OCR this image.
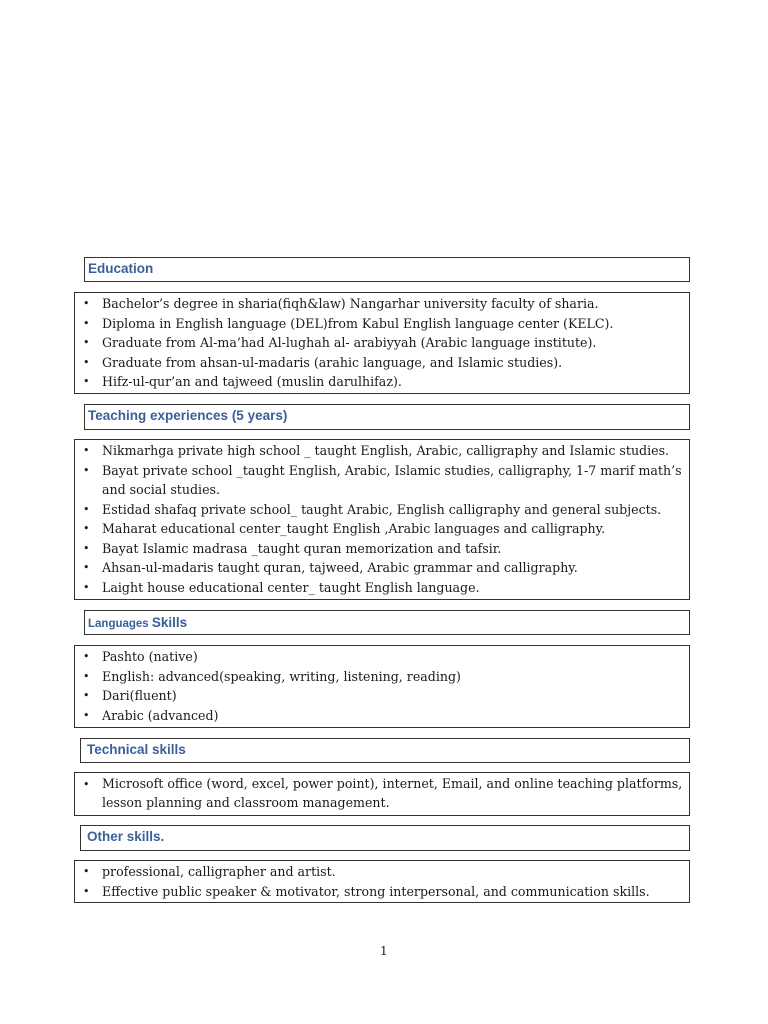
Education
• Bachelor’s degree in sharia(fiqh&law) Nangarhar university faculty of sharia.
• Diploma in English language (DEL)from Kabul English language center (KELC).
• Graduate from Al-ma’had Al-lughah al- arabiyyah (Arabic language institute).
• Graduate from ahsan-ul-madaris (arahic language, and Islamic studies).
• Hifz-ul-qur’an and tajweed (muslin darulhifaz).
Teaching experiences (5 years)
• Nikmarhga private high school _ taught English, Arabic, calligraphy and Islamic studies.
• Bayat private school _taught English, Arabic, Islamic studies, calligraphy, 1-7 marif math’s and social studies.
• Estidad shafaq private school_ taught Arabic, English calligraphy and general subjects.
• Maharat educational center_taught English ,Arabic languages and calligraphy.
• Bayat Islamic madrasa _taught quran memorization and tafsir.
• Ahsan-ul-madaris taught quran, tajweed, Arabic grammar and calligraphy.
• Laight house educational center_ taught English language.
Languages Skills
• Pashto (native)
• English: advanced(speaking, writing, listening, reading)
• Dari(fluent)
• Arabic (advanced)
Technical skills
• Microsoft office (word, excel, power point), internet, Email, and online teaching platforms, lesson planning and classroom management.
Other skills.
• professional, calligrapher and artist.
• Effective public speaker & motivator, strong interpersonal, and communication skills.
1
